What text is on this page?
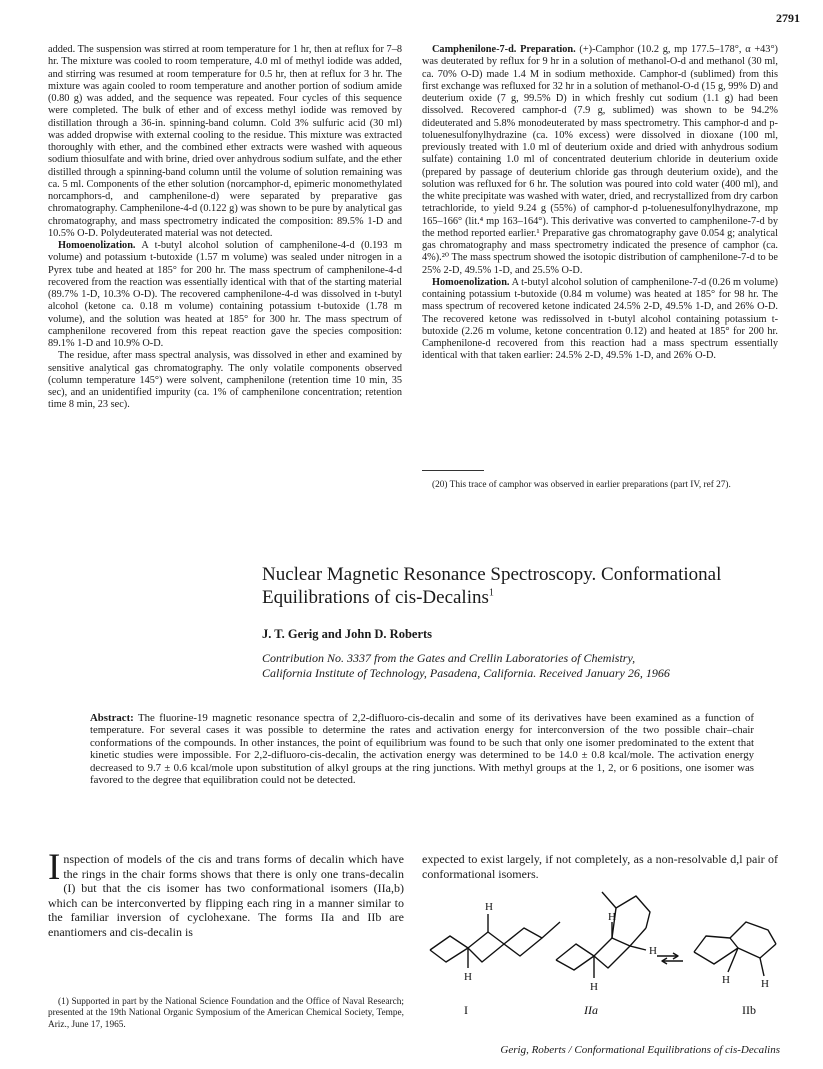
2791

added. The suspension was stirred at room temperature for 1 hr, then at reflux for 7–8 hr. The mixture was cooled to room temperature, 4.0 ml of methyl iodide was added, and stirring was resumed at room temperature for 0.5 hr, then at reflux for 3 hr. The mixture was again cooled to room temperature and another portion of sodium amide (0.80 g) was added, and the sequence was repeated. Four cycles of this sequence were completed. The bulk of ether and of excess methyl iodide was removed by distillation through a 36-in. spinning-band column. Cold 3% sulfuric acid (30 ml) was added dropwise with external cooling to the residue. This mixture was extracted thoroughly with ether, and the combined ether extracts were washed with aqueous sodium thiosulfate and with brine, dried over anhydrous sodium sulfate, and the ether distilled through a spinning-band column until the volume of solution remaining was ca. 5 ml. Components of the ether solution (norcamphor-d, epimeric monomethylated norcamphors-d, and camphenilone-d) were separated by preparative gas chromatography. Camphenilone-4-d (0.122 g) was shown to be pure by analytical gas chromatography, and mass spectrometry indicated the composition: 89.5% 1-D and 10.5% O-D. Polydeuterated material was not detected.

Homoenolization. A t-butyl alcohol solution of camphenilone-4-d (0.193 m volume) and potassium t-butoxide (1.57 m volume) was sealed under nitrogen in a Pyrex tube and heated at 185° for 200 hr. The mass spectrum of camphenilone-4-d recovered from the reaction was essentially identical with that of the starting material (89.7% 1-D, 10.3% O-D). The recovered camphenilone-4-d was dissolved in t-butyl alcohol (ketone ca. 0.18 m volume) containing potassium t-butoxide (1.78 m volume), and the solution was heated at 185° for 300 hr. The mass spectrum of camphenilone recovered from this repeat reaction gave the species composition: 89.1% 1-D and 10.9% O-D.

The residue, after mass spectral analysis, was dissolved in ether and examined by sensitive analytical gas chromatography. The only volatile components observed (column temperature 145°) were solvent, camphenilone (retention time 10 min, 35 sec), and an unidentified impurity (ca. 1% of camphenilone concentration; retention time 8 min, 23 sec).

Camphenilone-7-d. Preparation. (+)-Camphor (10.2 g, mp 177.5–178°, α +43°) was deuterated by reflux for 9 hr in a solution of methanol-O-d and methanol (30 ml, ca. 70% O-D) made 1.4 M in sodium methoxide. Camphor-d (sublimed) from this first exchange was refluxed for 32 hr in a solution of methanol-O-d (15 g, 99% D) and deuterium oxide (7 g, 99.5% D) in which freshly cut sodium (1.1 g) had been dissolved. Recovered camphor-d (7.9 g, sublimed) was shown to be 94.2% dideuterated and 5.8% monodeuterated by mass spectrometry. This camphor-d and p-toluenesulfonylhydrazine (ca. 10% excess) were dissolved in dioxane (100 ml, previously treated with 1.0 ml of deuterium oxide and dried with anhydrous sodium sulfate) containing 1.0 ml of concentrated deuterium chloride in deuterium oxide (prepared by passage of deuterium chloride gas through deuterium oxide), and the solution was refluxed for 6 hr. The solution was poured into cold water (400 ml), and the white precipitate was washed with water, dried, and recrystallized from dry carbon tetrachloride, to yield 9.24 g (55%) of camphor-d p-toluenesulfonylhydrazone, mp 165–166° (lit.⁴ mp 163–164°). This derivative was converted to camphenilone-7-d by the method reported earlier.¹ Preparative gas chromatography gave 0.054 g; analytical gas chromatography and mass spectrometry indicated the presence of camphor (ca. 4%).²⁰ The mass spectrum showed the isotopic distribution of camphenilone-7-d to be 25% 2-D, 49.5% 1-D, and 25.5% O-D.

Homoenolization. A t-butyl alcohol solution of camphenilone-7-d (0.26 m volume) containing potassium t-butoxide (0.84 m volume) was heated at 185° for 98 hr. The mass spectrum of recovered ketone indicated 24.5% 2-D, 49.5% 1-D, and 26% O-D. The recovered ketone was redissolved in t-butyl alcohol containing potassium t-butoxide (2.26 m volume, ketone concentration 0.12) and heated at 185° for 200 hr. Camphenilone-d recovered from this reaction had a mass spectrum essentially identical with that taken earlier: 24.5% 2-D, 49.5% 1-D, and 26% O-D.

(20) This trace of camphor was observed in earlier preparations (part IV, ref 27).
Nuclear Magnetic Resonance Spectroscopy. Conformational Equilibrations of cis-Decalins$^1$
J. T. Gerig and John D. Roberts
Contribution No. 3337 from the Gates and Crellin Laboratories of Chemistry,
California Institute of Technology, Pasadena, California. Received January 26, 1966
Abstract: The fluorine-19 magnetic resonance spectra of 2,2-difluoro-cis-decalin and some of its derivatives have been examined as a function of temperature. For several cases it was possible to determine the rates and activation energy for interconversion of the two possible chair–chair conformations of the compounds. In other instances, the point of equilibrium was found to be such that only one isomer predominated to the extent that kinetic studies were impossible. For 2,2-difluoro-cis-decalin, the activation energy was determined to be 14.0 ± 0.8 kcal/mole. The activation energy decreased to 9.7 ± 0.6 kcal/mole upon substitution of alkyl groups at the ring junctions. With methyl groups at the 1, 2, or 6 positions, one isomer was favored to the degree that equilibration could not be detected.
Inspection of models of the cis and trans forms of decalin which have the rings in the chair forms shows that there is only one trans-decalin (I) but that the cis isomer has two conformational isomers (IIa,b) which can be interconverted by flipping each ring in a manner similar to the familiar inversion of cyclohexane. The forms IIa and IIb are enantiomers and cis-decalin is
expected to exist largely, if not completely, as a non-resolvable d,l pair of conformational isomers.
H
H
H
H
H
H	H
I	IIa	IIb
(1) Supported in part by the National Science Foundation and the Office of Naval Research; presented at the 19th National Organic Symposium of the American Chemical Society, Tempe, Ariz., June 17, 1965.
Gerig, Roberts / Conformational Equilibrations of cis-Decalins
